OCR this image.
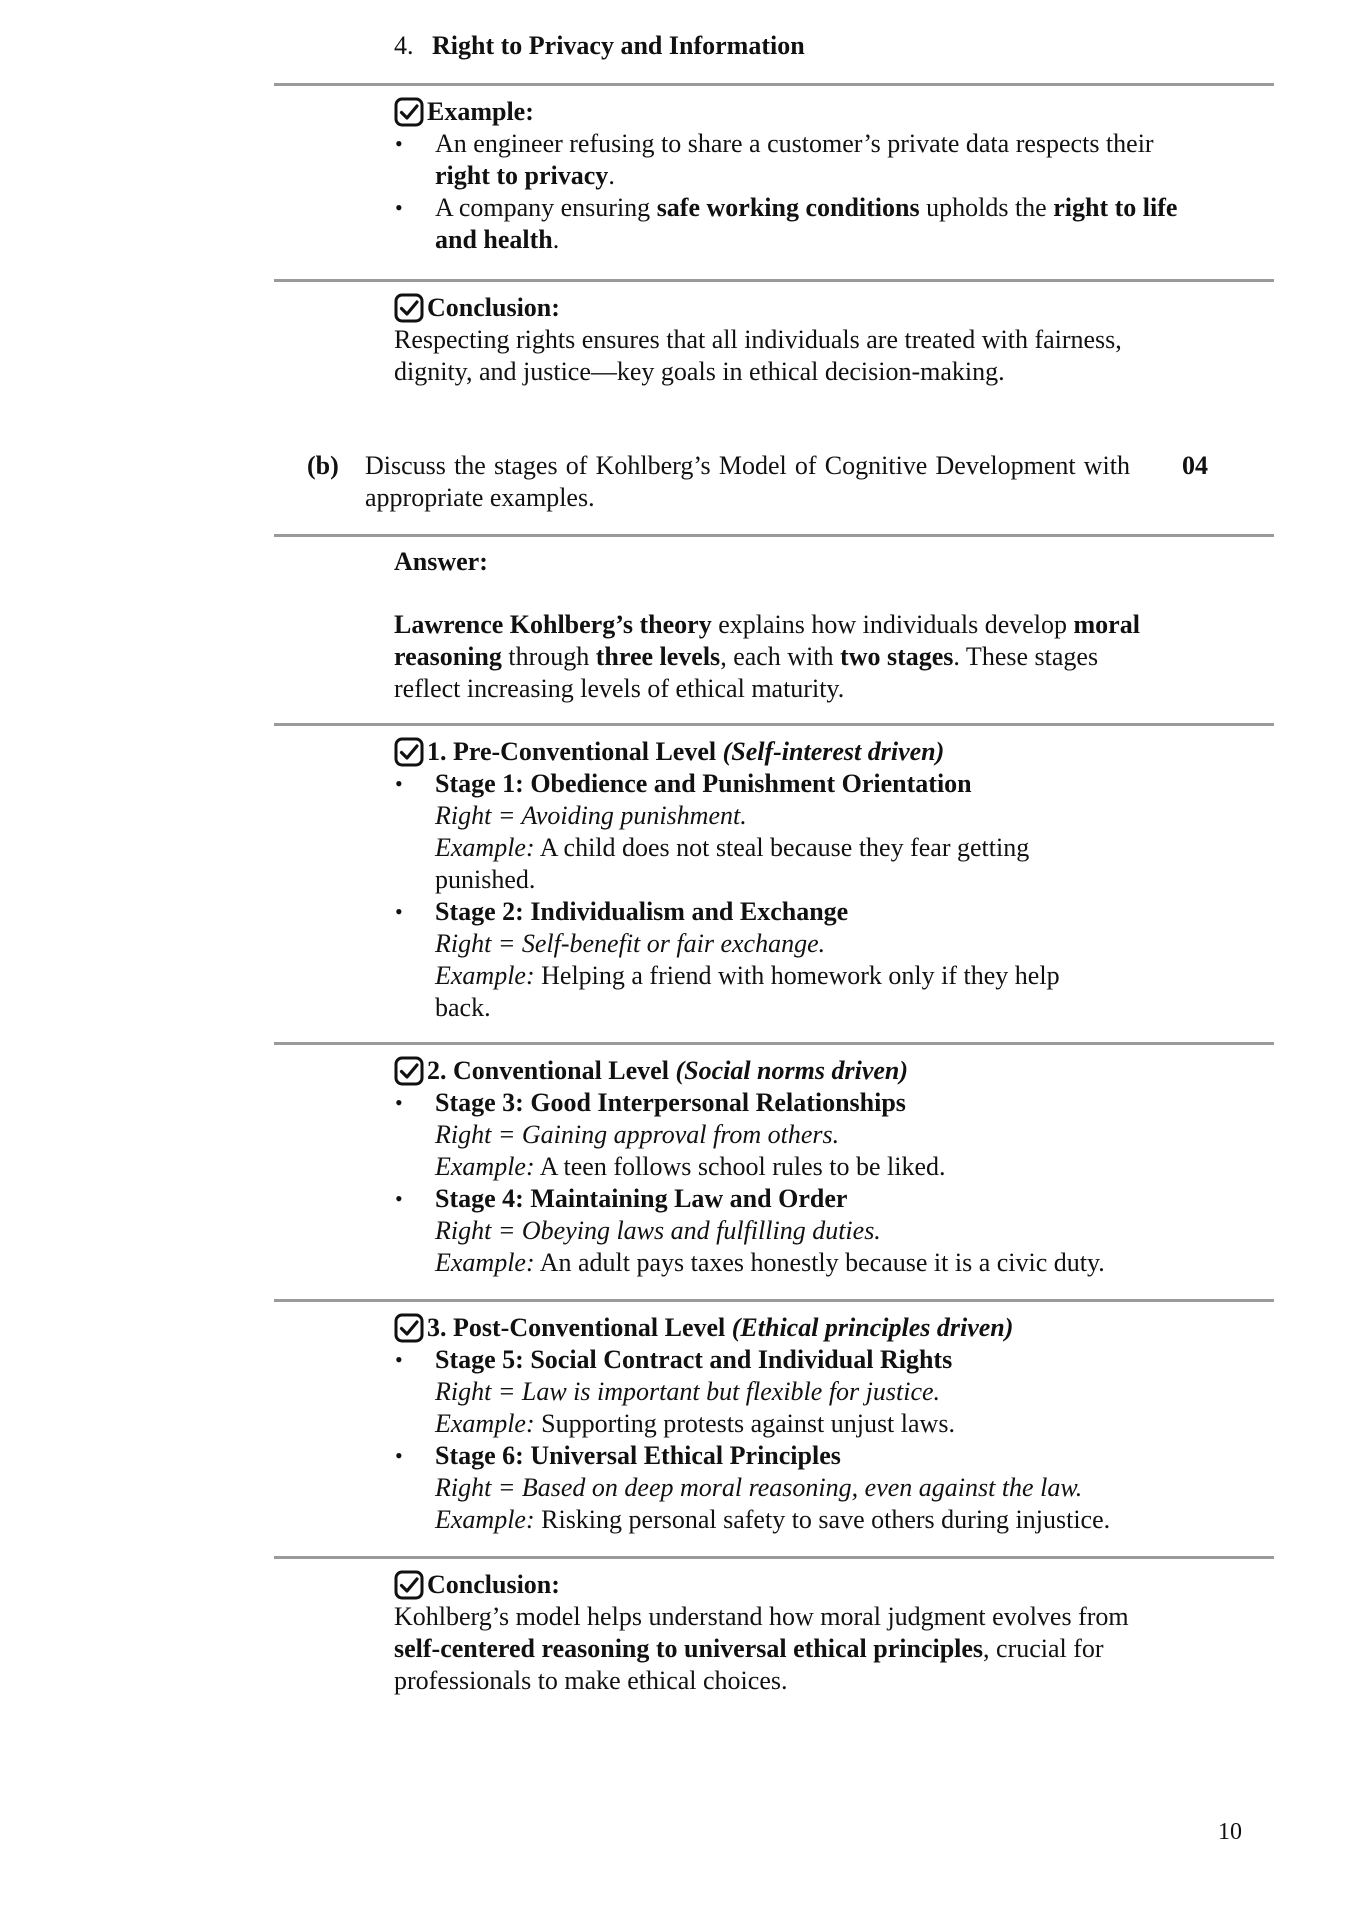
4. Right to Privacy and Information
Example:
• An engineer refusing to share a customer’s private data respects their right to privacy.
• A company ensuring safe working conditions upholds the right to life and health.
Conclusion:
Respecting rights ensures that all individuals are treated with fairness, dignity, and justice—key goals in ethical decision-making.
(b) Discuss the stages of Kohlberg’s Model of Cognitive Development with appropriate examples.
04
Answer:
Lawrence Kohlberg’s theory explains how individuals develop moral reasoning through three levels, each with two stages. These stages reflect increasing levels of ethical maturity.
1. Pre-Conventional Level (Self-interest driven)
• Stage 1: Obedience and Punishment Orientation
Right = Avoiding punishment.
Example: A child does not steal because they fear getting punished.
• Stage 2: Individualism and Exchange
Right = Self-benefit or fair exchange.
Example: Helping a friend with homework only if they help back.
2. Conventional Level (Social norms driven)
• Stage 3: Good Interpersonal Relationships
Right = Gaining approval from others.
Example: A teen follows school rules to be liked.
• Stage 4: Maintaining Law and Order
Right = Obeying laws and fulfilling duties.
Example: An adult pays taxes honestly because it is a civic duty.
3. Post-Conventional Level (Ethical principles driven)
• Stage 5: Social Contract and Individual Rights
Right = Law is important but flexible for justice.
Example: Supporting protests against unjust laws.
• Stage 6: Universal Ethical Principles
Right = Based on deep moral reasoning, even against the law.
Example: Risking personal safety to save others during injustice.
Conclusion:
Kohlberg’s model helps understand how moral judgment evolves from self-centered reasoning to universal ethical principles, crucial for professionals to make ethical choices.
10
